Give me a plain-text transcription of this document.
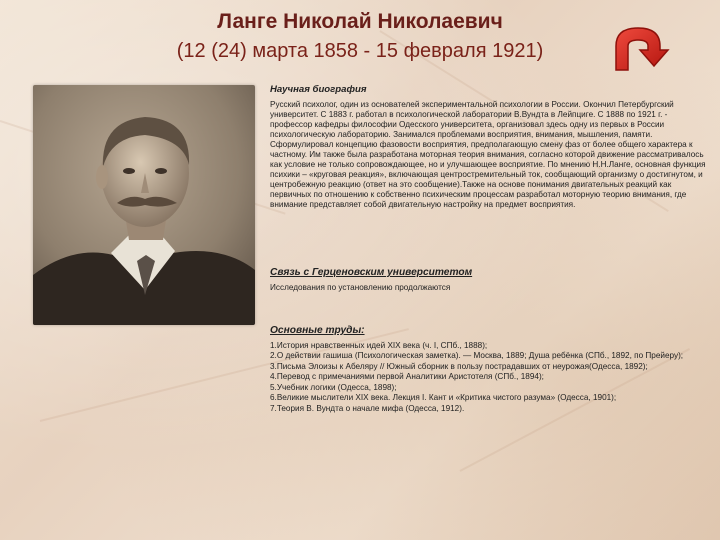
Ланге Николай Николаевич
(12 (24) марта 1858 - 15 февраля 1921)
Научная биография

Русский психолог, один из основателей экспериментальной психологии в России. Окончил Петербургский университет. С 1883 г. работал в психологической лаборатории В.Вундта в Лейпциге. С 1888 по 1921 г. - профессор кафедры философии Одесского университета, организовал здесь одну из первых в России психологическую лабораторию. Занимался проблемами восприятия, внимания, мышления, памяти. Сформулировал концепцию фазовости восприятия, предполагающую смену фаз от более общего характера к частному. Им также была разработана моторная теория внимания, согласно которой движение рассматривалось как условие не только сопровождающее, но и улучшающее восприятие. По мнению Н.Н.Ланге, основная функция психики – «круговая реакция», включающая центростремительный ток, сообщающий организму о достигнутом, и центробежную реакцию (ответ на это сообщение).Также на основе понимания двигательных реакций как первичных по отношению к собственно психическим процессам разработал моторную теорию внимания, где внимание представляет собой двигательную настройку на предмет восприятия.

Связь с Герценовским университетом

Исследования по установлению продолжаются

Основные труды:

1.История нравственных идей XIX века (ч. I, СПб., 1888);

2.О действии гашиша (Психологическая заметка). — Москва, 1889; Душа ребёнка (СПб., 1892, по Прейеру);

3.Письма Элоизы к Абеляру // Южный сборник в пользу пострадавших от неурожая(Одесса, 1892);

4.Перевод с примечаниями первой Аналитики Аристотеля (СПб., 1894);

5.Учебник логики (Одесса, 1898);

6.Великие мыслители XIX века. Лекция I. Кант и «Критика чистого разума» (Одесса, 1901);

7.Теория В. Вундта о начале мифа (Одесса, 1912).
